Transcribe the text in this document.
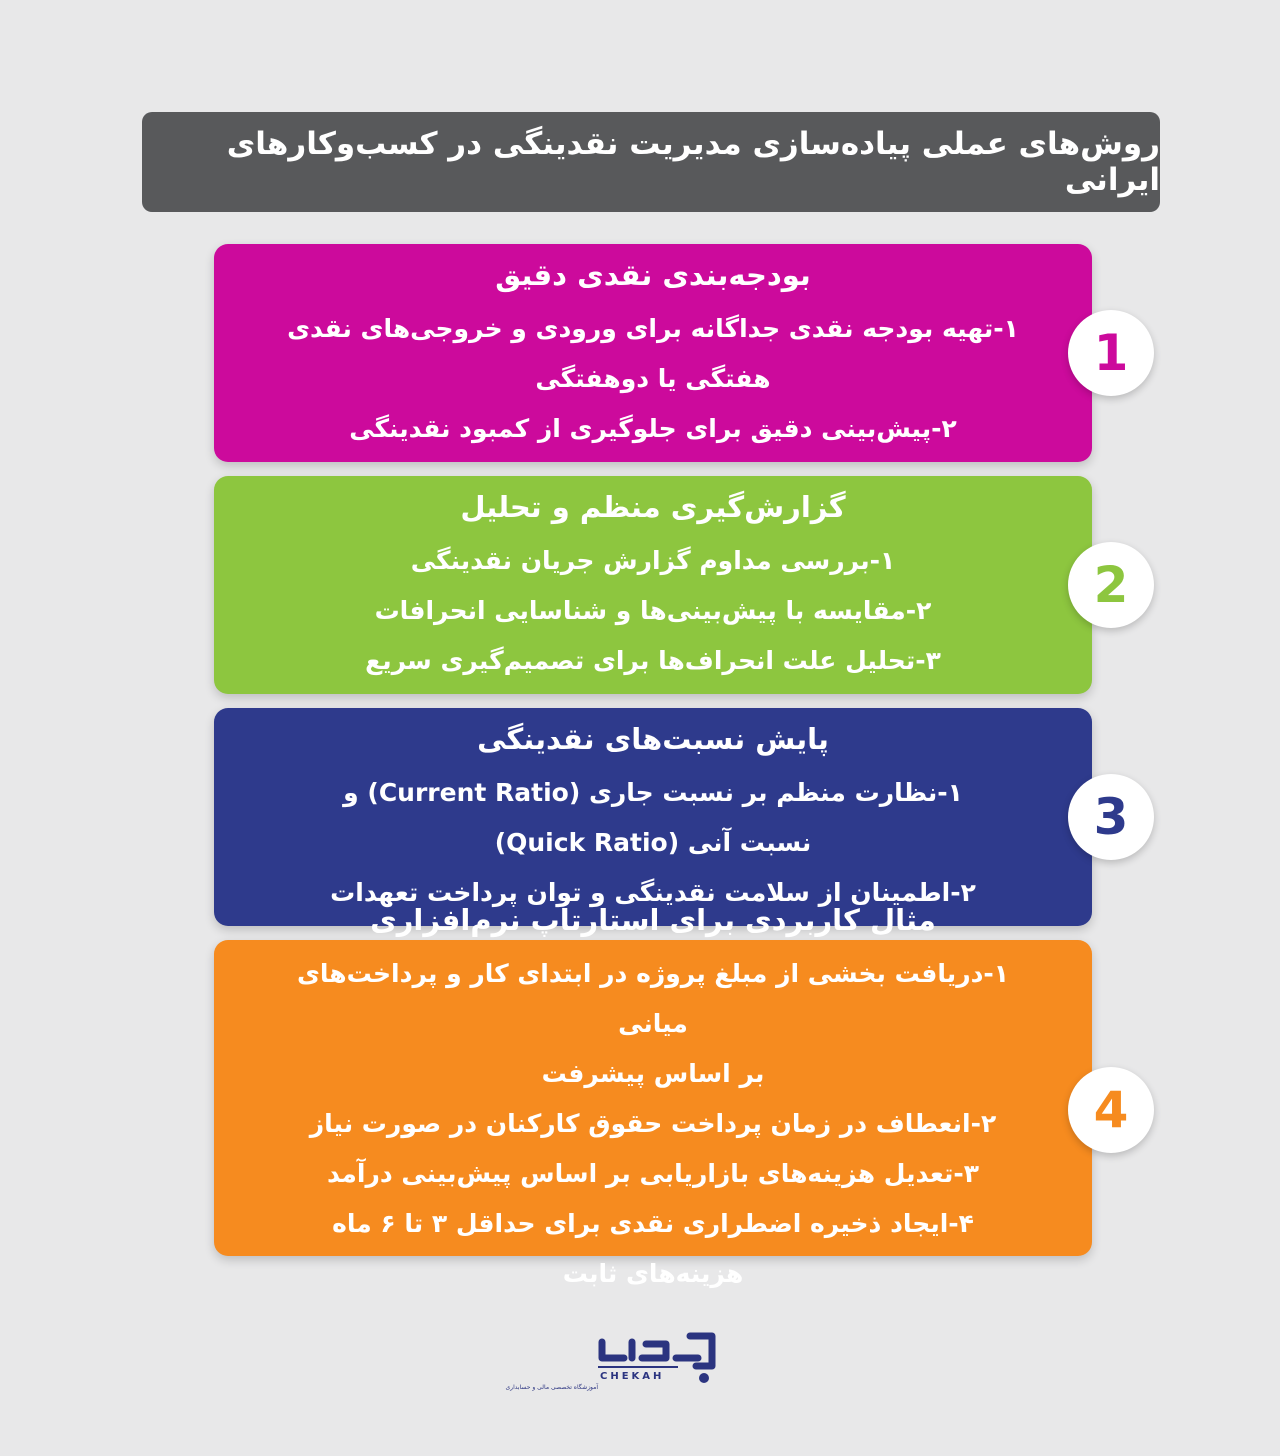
روش‌های عملی پیاده‌سازی مدیریت نقدینگی در کسب‌وکارهای ایرانی
بودجه‌بندی نقدی دقیق
۱-تهیه بودجه نقدی جداگانه برای ورودی و خروجی‌های نقدی
هفتگی یا دوهفتگی
۲-پیش‌بینی دقیق برای جلوگیری از کمبود نقدینگی
1
گزارش‌گیری منظم و تحلیل
۱-بررسی مداوم گزارش جریان نقدینگی
۲-مقایسه با پیش‌بینی‌ها و شناسایی انحرافات
۳-تحلیل علت انحراف‌ها برای تصمیم‌گیری سریع
2
پایش نسبت‌های نقدینگی
۱-نظارت منظم بر نسبت جاری (Current Ratio) و
نسبت آنی (Quick Ratio)
۲-اطمینان از سلامت نقدینگی و توان پرداخت تعهدات
3
مثال کاربردی برای استارتاپ نرم‌افزاری
۱-دریافت بخشی از مبلغ پروژه در ابتدای کار و پرداخت‌های میانی
بر اساس پیشرفت
۲-انعطاف در زمان پرداخت حقوق کارکنان در صورت نیاز
۳-تعدیل هزینه‌های بازاریابی بر اساس پیش‌بینی درآمد
۴-ایجاد ذخیره اضطراری نقدی برای حداقل ۳ تا ۶ ماه هزینه‌های ثابت
4
CHEKAH
آموزشگاه تخصصی مالی و حسابداری
